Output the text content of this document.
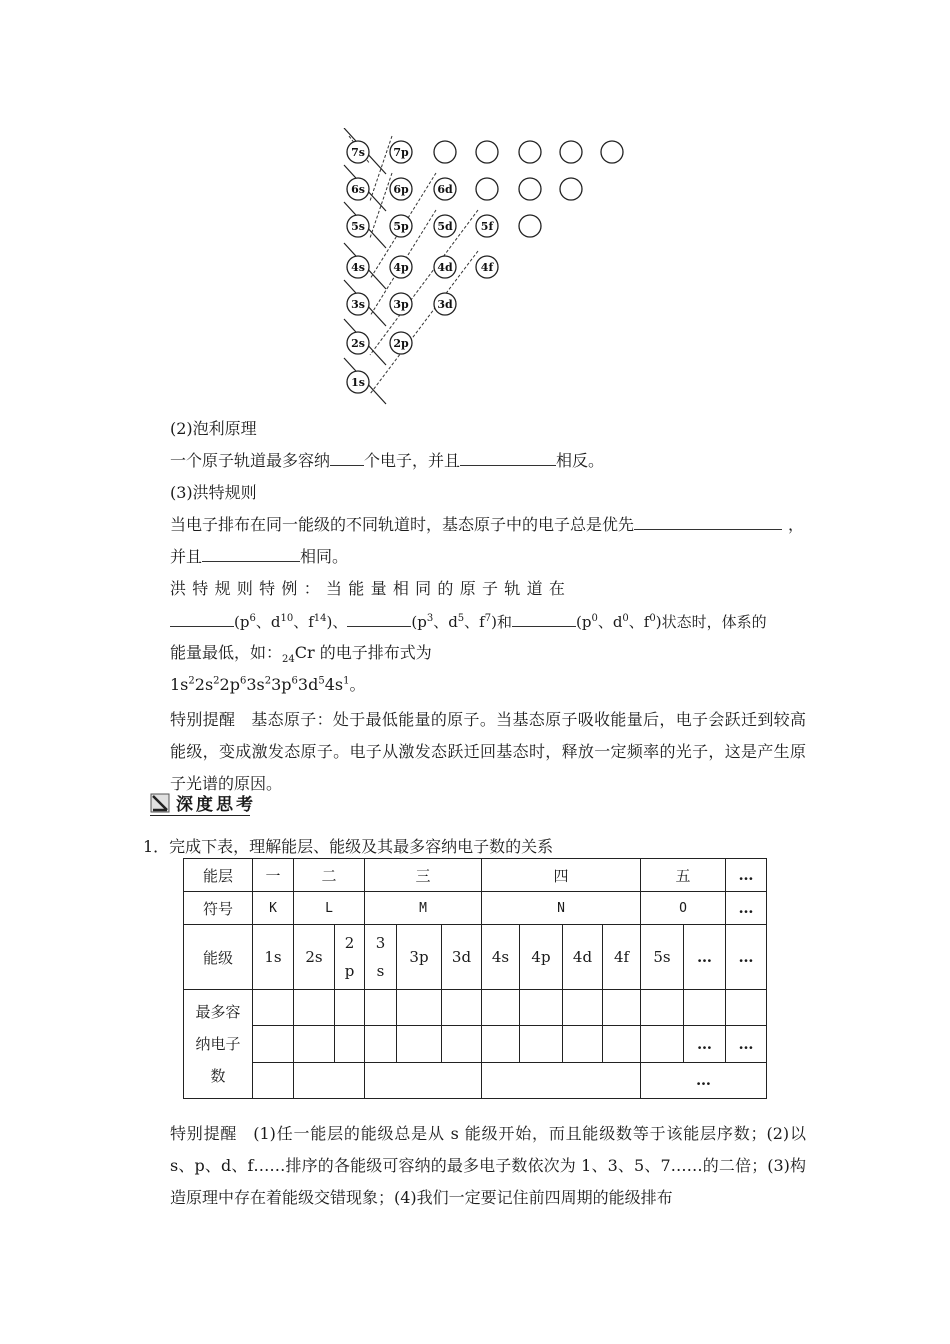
7s	7p
6s	6p	6d
5s	5p	5d	5f
4s	4p	4d	4f
3s	3p	3d
2s	2p
1s
(2)泡利原理
一个原子轨道最多容纳 个电子，并且	相反。
(3)洪特规则
当电子排布在同一能级的不同轨道时，基态原子中的电子总是优先	，
并且	相同。
洪 特 规 则 特 例 ： 当 能 量 相 同 的 原 子 轨 道 在
($p^6$、$d^{10}$、$f^{14}$)、	($p^3$、$d^5$、$f^7$)和	($p^0$、$d^0$、$f^0$)状态时，体系的
能量最低，如：$_{24}$Cr 的电子排布式为
$1s^22s^22p^63s^23p^63d^54s^1$。
特别提醒 基态原子：处于最低能量的原子。当基态原子吸收能量后，电子会跃迁到较高能级，变成激发态原子。电子从激发态跃迁回基态时，释放一定频率的光子，这是产生原子光谱的原因。
深度思考
1．完成下表，理解能层、能级及其最多容纳电子数的关系
能层	一	二		三			四				五		…
符号	K	L		M			N				O		…
能级	1s	2s	2 p	3 s	3p	3d	4s	4p	4d	4f	5s	…	…
最多容纳电子数													
												…	…
											…		
特别提醒 (1)任一能层的能级总是从 s 能级开始，而且能级数等于该能层序数；(2)以 s、p、d、f……排序的各能级可容纳的最多电子数依次为 1、3、5、7……的二倍；(3)构造原理中存在着能级交错现象；(4)我们一定要记住前四周期的能级排布
